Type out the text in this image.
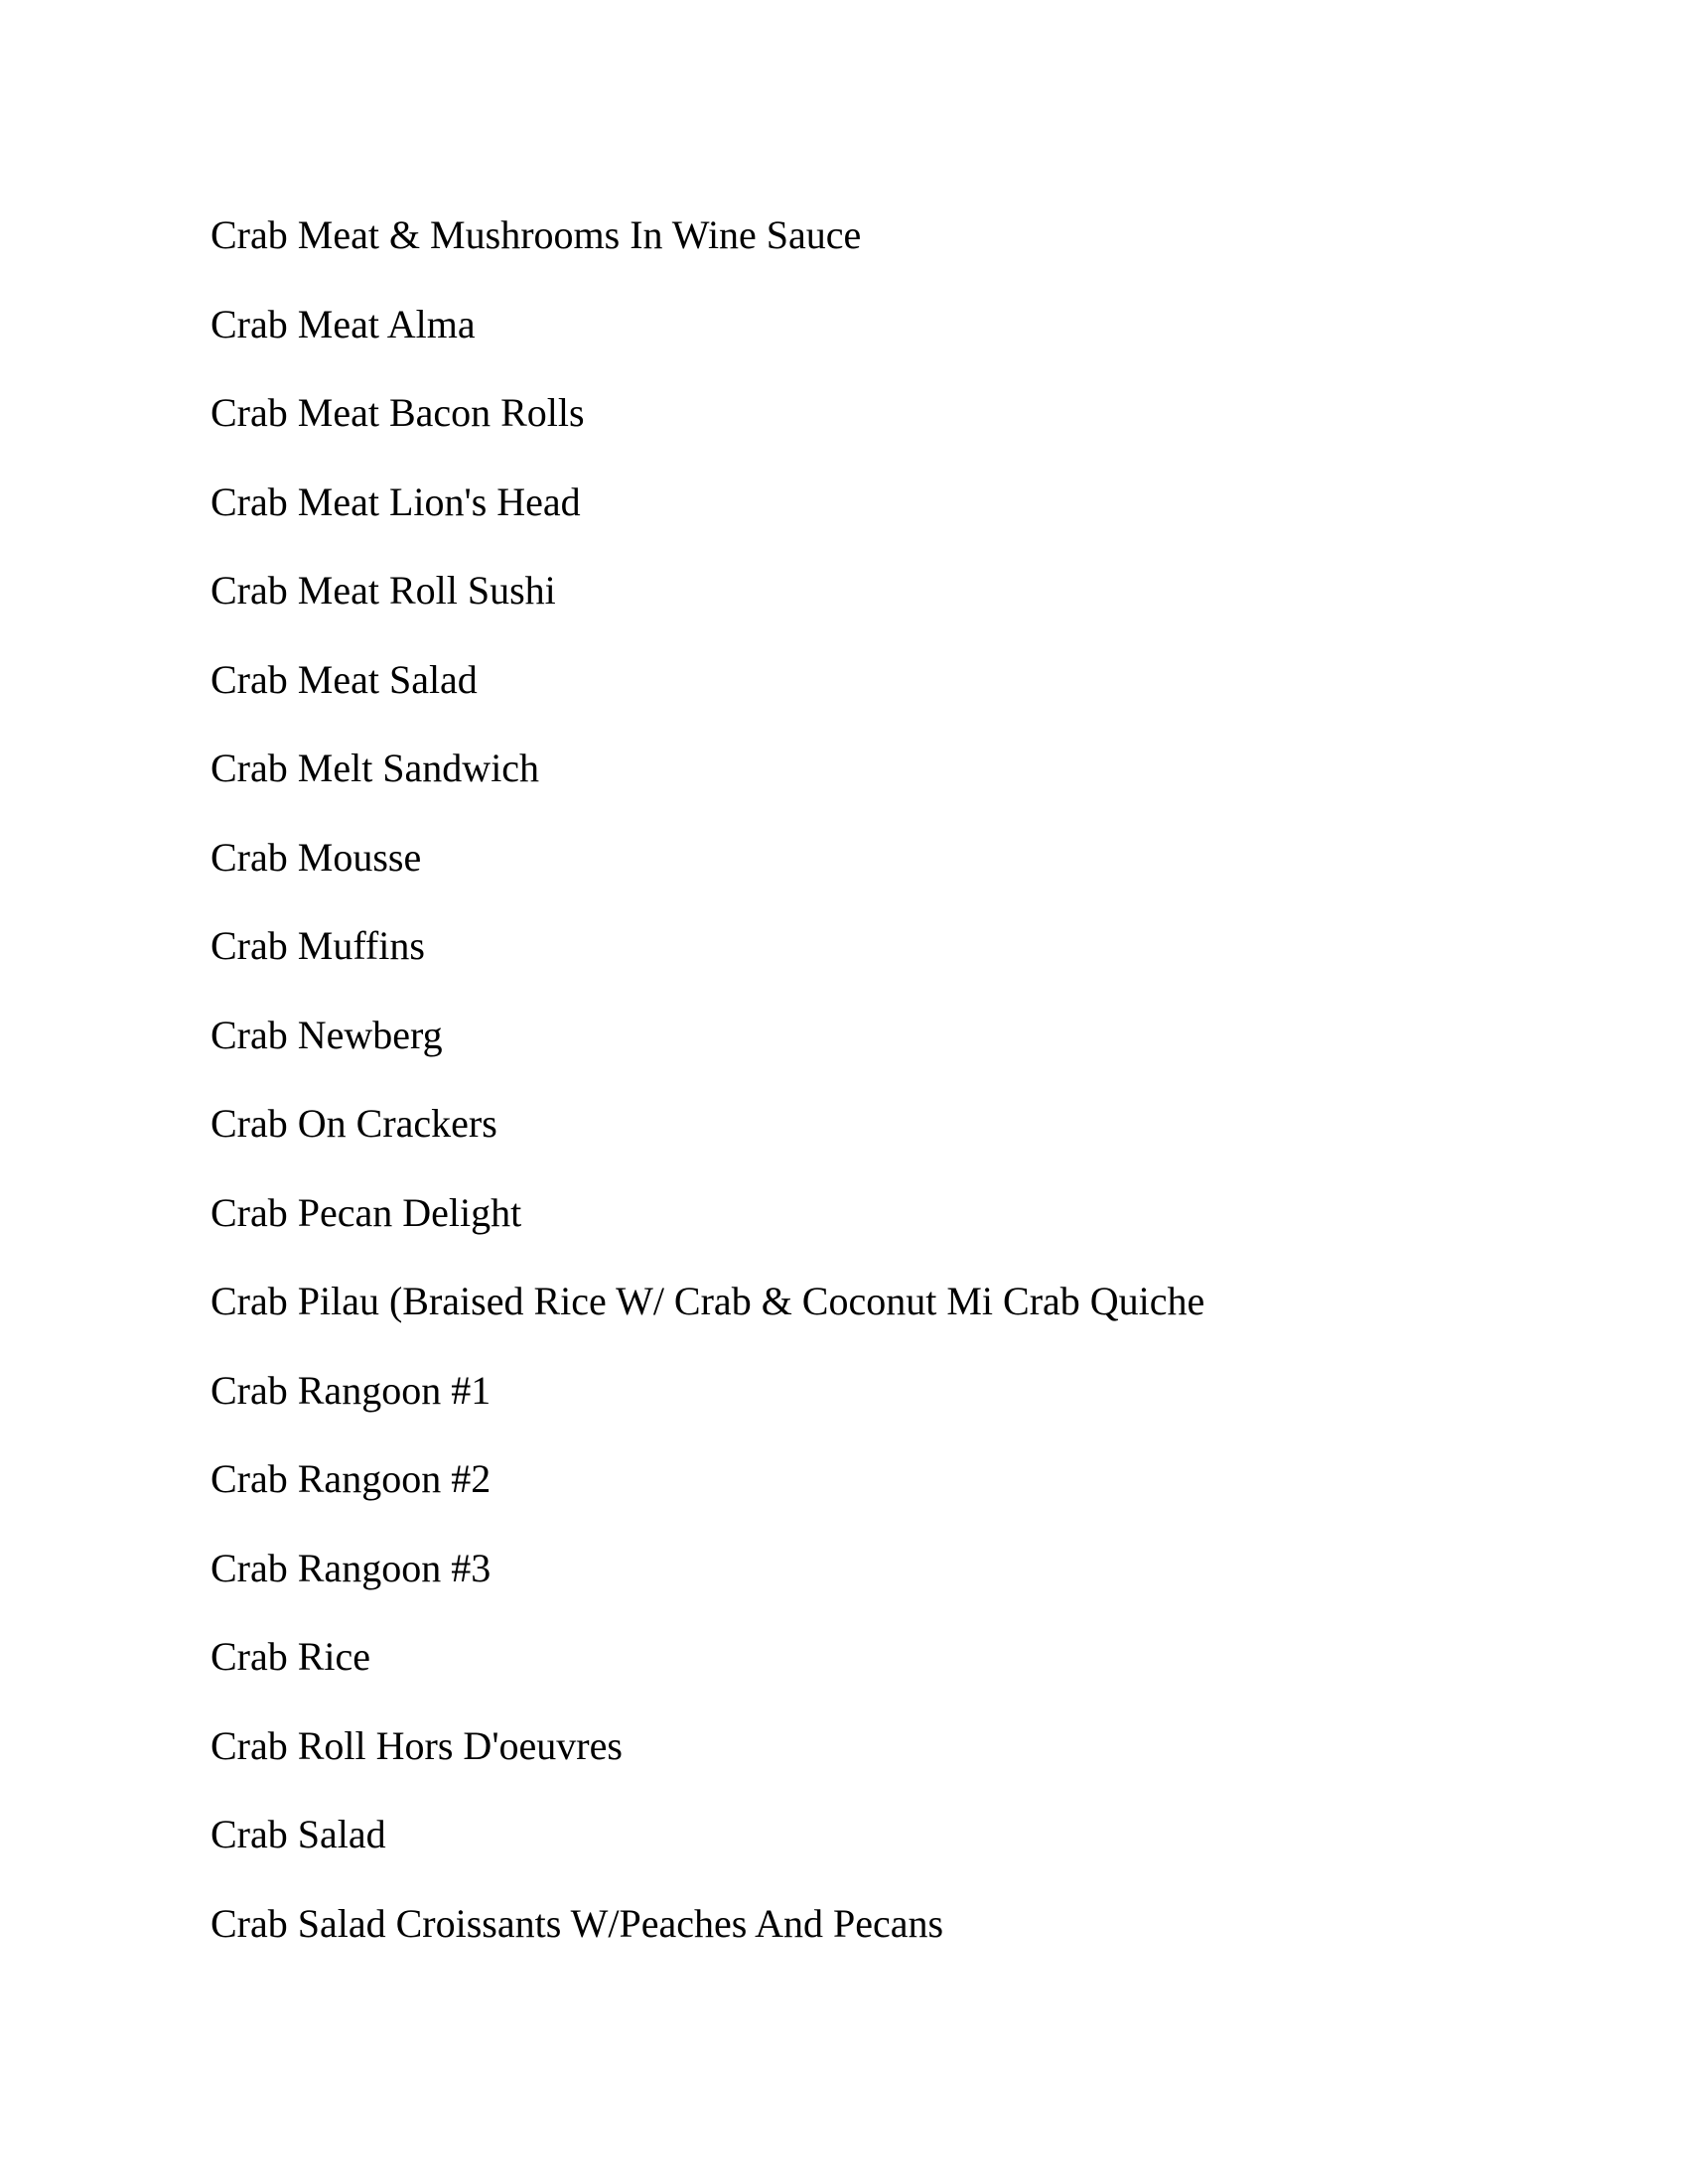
Crab Meat & Mushrooms In Wine Sauce
Crab Meat Alma
Crab Meat Bacon Rolls
Crab Meat Lion's Head
Crab Meat Roll Sushi
Crab Meat Salad
Crab Melt Sandwich
Crab Mousse
Crab Muffins
Crab Newberg
Crab On Crackers
Crab Pecan Delight
Crab Pilau (Braised Rice W/ Crab & Coconut Mi Crab Quiche
Crab Rangoon #1
Crab Rangoon #2
Crab Rangoon #3
Crab Rice
Crab Roll Hors D'oeuvres
Crab Salad
Crab Salad Croissants W/Peaches And Pecans
